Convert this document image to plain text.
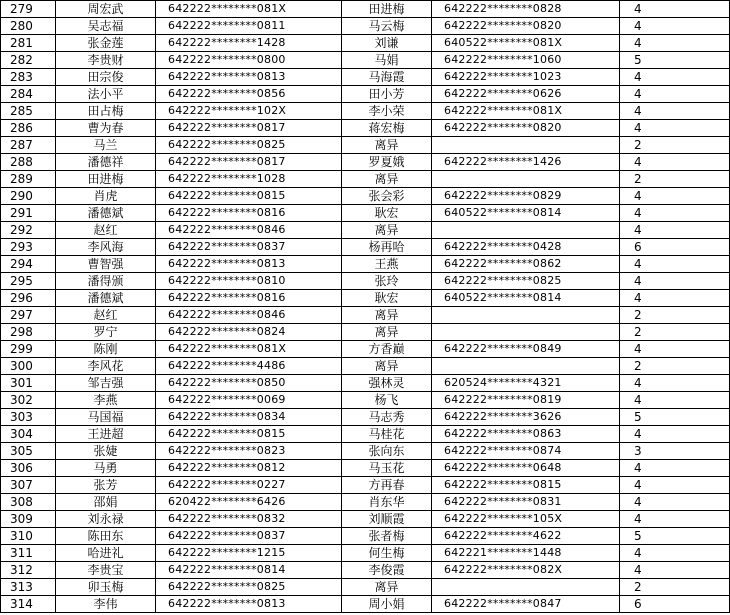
279	周宏武	642222********081X	田进梅	642222********0828	4
280	吴志福	642222********0811	马云梅	642222********0820	4
281	张金莲	642222********1428	刘谦	640522********081X	4
282	李贵财	642222********0800	马娟	642222********1060	5
283	田宗俊	642222********0813	马海霞	642222********1023	4
284	法小平	642222********0856	田小芳	642222********0626	4
285	田占梅	642222********102X	李小荣	642222********081X	4
286	曹为春	642222********0817	蒋宏梅	642222********0820	4
287	马兰	642222********0825	离异		2
288	潘德祥	642222********0817	罗夏娥	642222********1426	4
289	田进梅	642222********1028	离异		2
290	肖虎	642222********0815	张会彩	642222********0829	4
291	潘德斌	642222********0816	耿宏	640522********0814	4
292	赵红	642222********0846	离异		4
293	李风海	642222********0837	杨再哈	642222********0428	6
294	曹智强	642222********0813	王燕	642222********0862	4
295	潘得颁	642222********0810	张玲	642222********0825	4
296	潘德斌	642222********0816	耿宏	640522********0814	4
297	赵红	642222********0846	离异		2
298	罗宁	642222********0824	离异		2
299	陈刚	642222********081X	方香巅	642222********0849	4
300	李风花	642222********4486	离异		2
301	邹吉强	642222********0850	强林灵	620524********4321	4
302	李燕	642222********0069	杨飞	642222********0819	4
303	马国福	642222********0834	马志秀	642222********3626	5
304	王进超	642222********0815	马桂花	642222********0863	4
305	张婕	642222********0823	张向东	642222********0874	3
306	马勇	642222********0812	马玉花	642222********0648	4
307	张芳	642222********0227	方再春	642222********0815	4
308	邵娟	620422********6426	肖东华	642222********0831	4
309	刘永禄	642222********0832	刘顺霞	642222********105X	4
310	陈田东	642222********0837	张者梅	642222********4622	5
311	哈进礼	642222********1215	何生梅	642221********1448	4
312	李贵宝	642222********0814	李俊霞	642222********082X	4
313	卯玉梅	642222********0825	离异		2
314	李伟	642222********0813	周小娟	642222********0847	6
